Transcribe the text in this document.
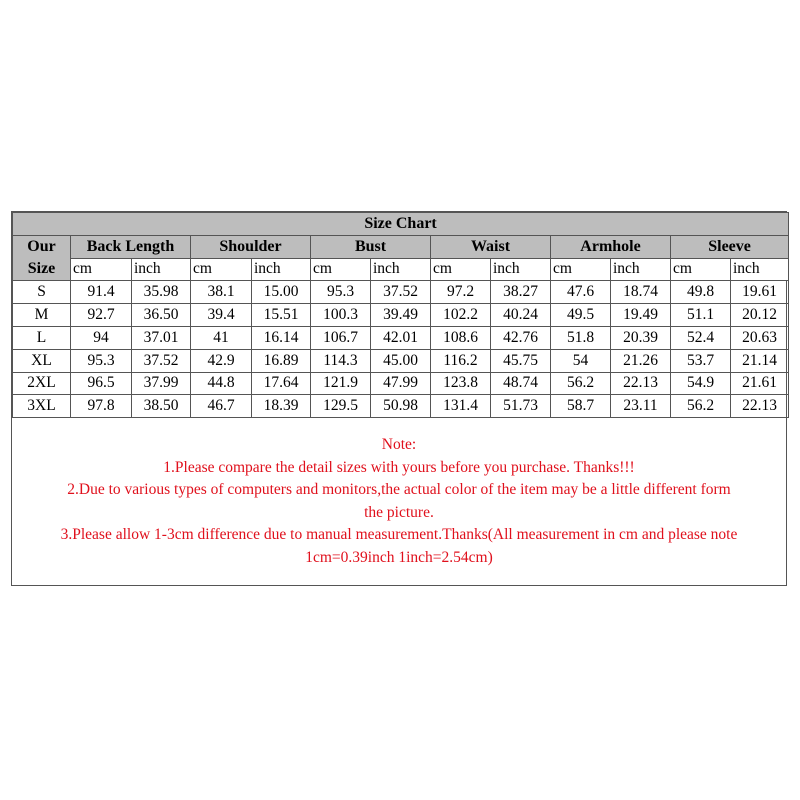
Size Chart												
Our
Size	Back Length		Shoulder		Bust		Waist		Armhole		Sleeve	
	cm	inch	cm	inch	cm	inch	cm	inch	cm	inch	cm	inch
S	91.4	35.98	38.1	15.00	95.3	37.52	97.2	38.27	47.6	18.74	49.8	19.61
M	92.7	36.50	39.4	15.51	100.3	39.49	102.2	40.24	49.5	19.49	51.1	20.12
L	94	37.01	41	16.14	106.7	42.01	108.6	42.76	51.8	20.39	52.4	20.63
XL	95.3	37.52	42.9	16.89	114.3	45.00	116.2	45.75	54	21.26	53.7	21.14
2XL	96.5	37.99	44.8	17.64	121.9	47.99	123.8	48.74	56.2	22.13	54.9	21.61
3XL	97.8	38.50	46.7	18.39	129.5	50.98	131.4	51.73	58.7	23.11	56.2	22.13
Note:
1.Please compare the detail sizes with yours before you purchase. Thanks!!!
2.Due to various types of computers and monitors,the actual color of the item may be a little different form
the picture.
3.Please allow 1-3cm difference due to manual measurement.Thanks(All measurement in cm and please note
1cm=0.39inch 1inch=2.54cm)
